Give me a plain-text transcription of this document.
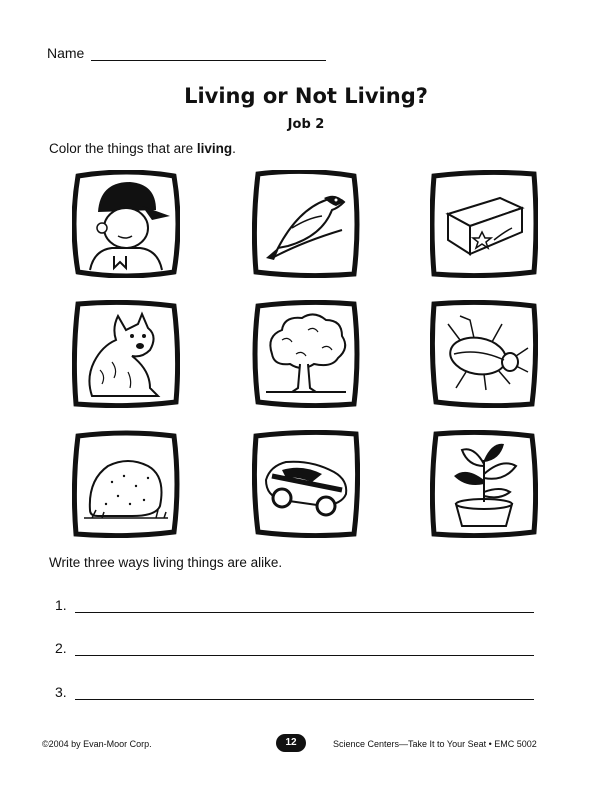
Name
Living or Not Living?
Job 2
Color the things that are living.
Write three ways living things are alike.
1.
2.
3.
©2004 by Evan-Moor Corp.	12	Science Centers—Take It to Your Seat • EMC 5002
